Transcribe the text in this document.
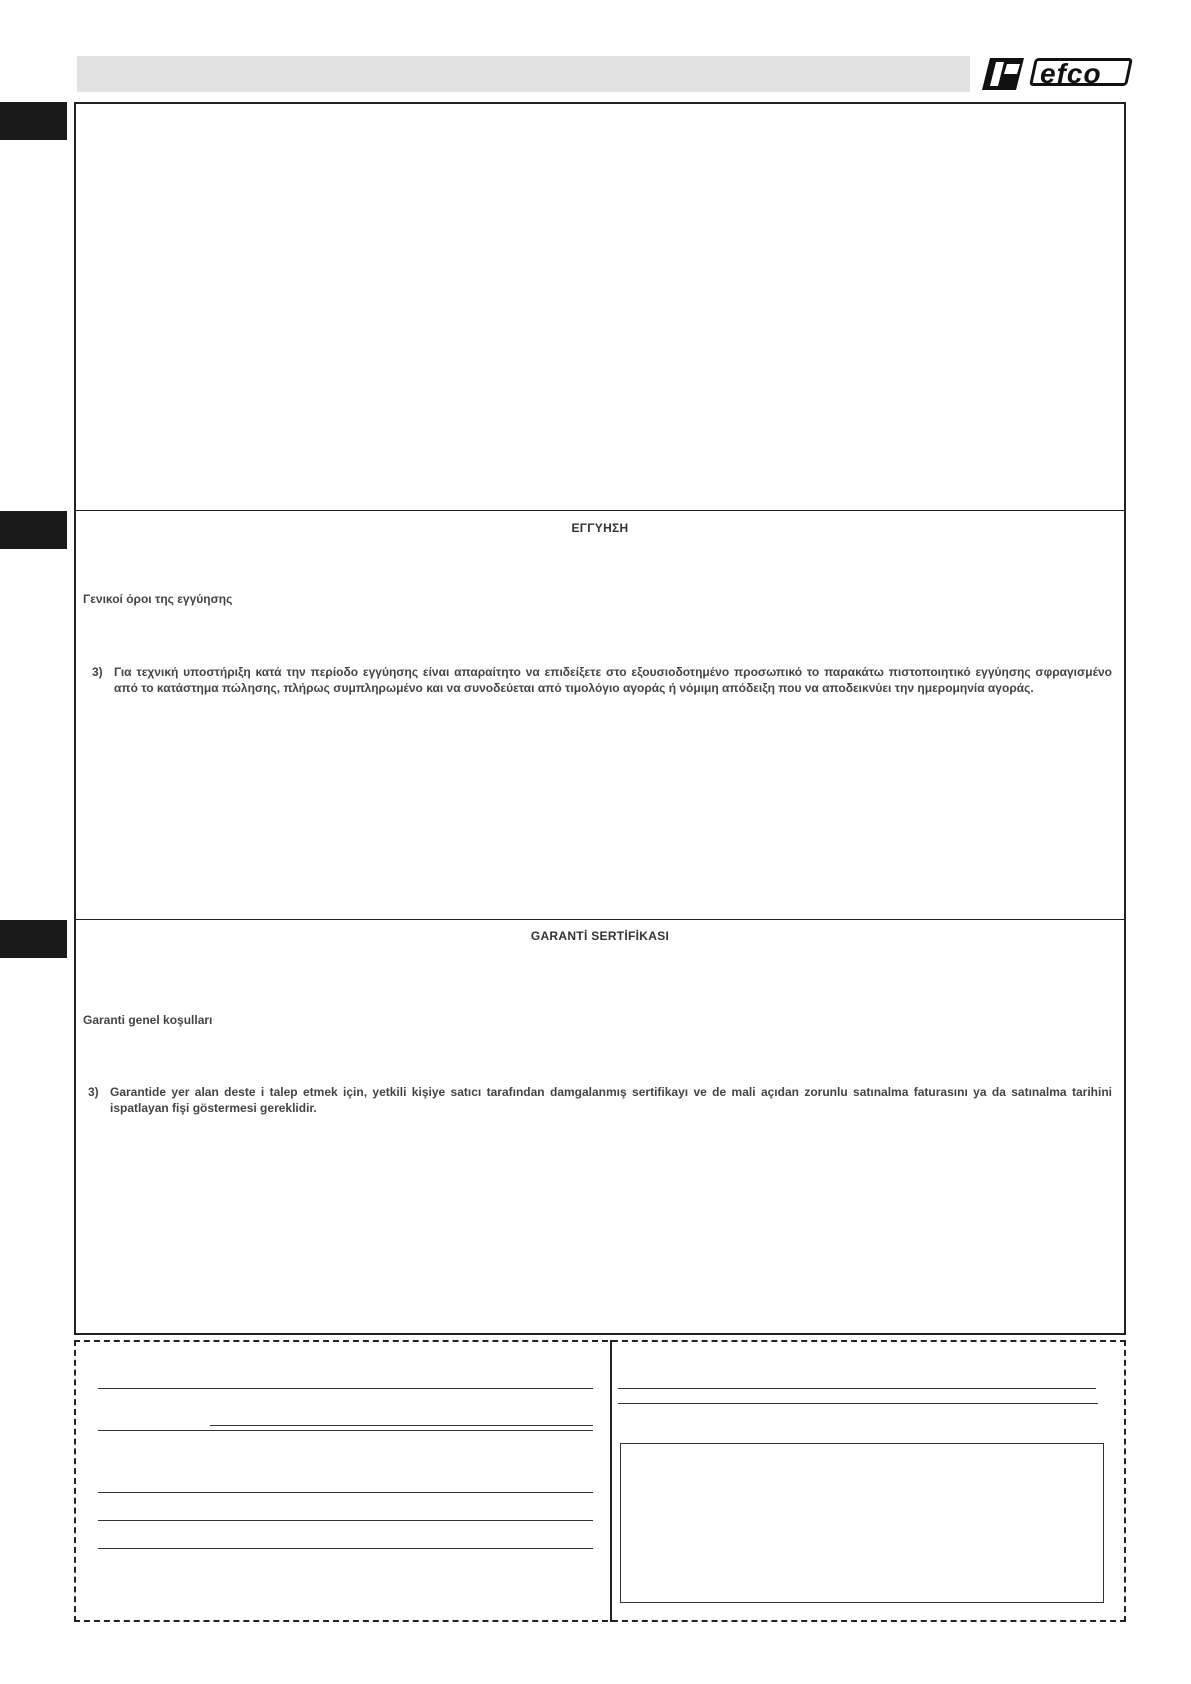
efco
ΕΓΓΥΗΣΗ
Γενικοί όροι της εγγύησης
3) Για τεχνική υποστήριξη κατά την περίοδο εγγύησης είναι απαραίτητο να επιδείξετε στο εξουσιοδοτημένο προσωπικό το παρακάτω πιστοποιητικό εγγύησης σφραγισμένο από το κατάστημα πώλησης, πλήρως συμπληρωμένο και να συνοδεύεται από τιμολόγιο αγοράς ή νόμιμη απόδειξη που να αποδεικνύει την ημερομηνία αγοράς.
GARANTİ SERTİFİKASI
Garanti genel koşulları
3) Garantide yer alan deste i talep etmek için, yetkili kişiye satıcı tarafından damgalanmış sertifikayı ve de mali açıdan zorunlu satınalma faturasını ya da satınalma tarihini ispatlayan fişi göstermesi gereklidir.
